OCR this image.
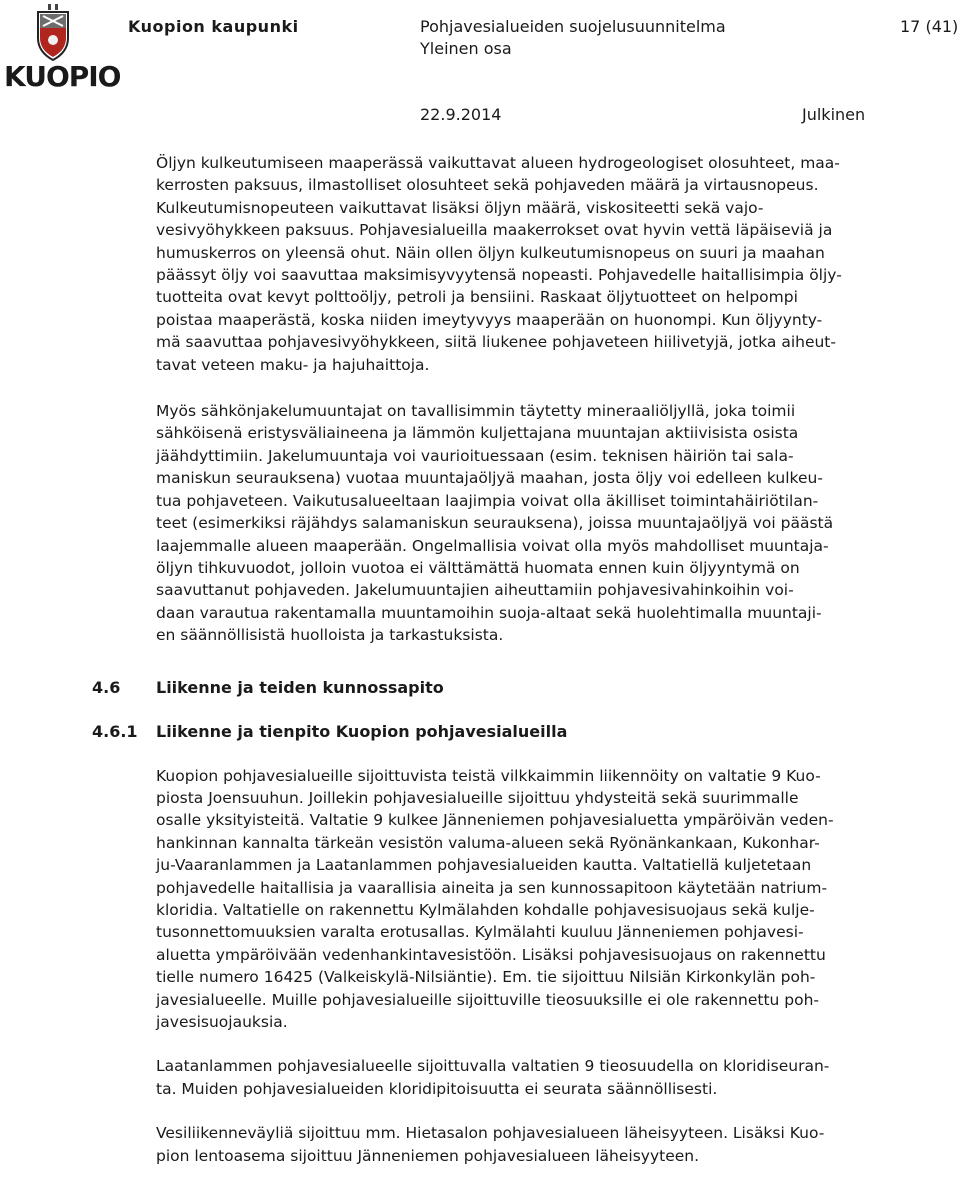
KUOPIO
Kuopion kaupunki	Pohjavesialueiden suojelusuunnitelma
Yleinen osa
17 (41)
22.9.2014	Julkinen

Öljyn kulkeutumiseen maaperässä vaikuttavat alueen hydrogeologiset olosuhteet, maa-
kerrosten paksuus, ilmastolliset olosuhteet sekä pohjaveden määrä ja virtausnopeus.
Kulkeutumisnopeuteen vaikuttavat lisäksi öljyn määrä, viskositeetti sekä vajo-
vesivyöhykkeen paksuus. Pohjavesialueilla maakerrokset ovat hyvin vettä läpäiseviä ja
humuskerros on yleensä ohut. Näin ollen öljyn kulkeutumisnopeus on suuri ja maahan
päässyt öljy voi saavuttaa maksimisyvyytensä nopeasti. Pohjavedelle haitallisimpia öljy-
tuotteita ovat kevyt polttoöljy, petroli ja bensiini. Raskaat öljytuotteet on helpompi
poistaa maaperästä, koska niiden imeytyvyys maaperään on huonompi. Kun öljyynty-
mä saavuttaa pohjavesivyöhykkeen, siitä liukenee pohjaveteen hiilivetyjä, jotka aiheut-
tavat veteen maku- ja hajuhaittoja.

Myös sähkönjakelumuuntajat on tavallisimmin täytetty mineraaliöljyllä, joka toimii
sähköisenä eristysväliaineena ja lämmön kuljettajana muuntajan aktiivisista osista
jäähdyttimiin. Jakelumuuntaja voi vaurioituessaan (esim. teknisen häiriön tai sala-
maniskun seurauksena) vuotaa muuntajaöljyä maahan, josta öljy voi edelleen kulkeu-
tua pohjaveteen. Vaikutusalueeltaan laajimpia voivat olla äkilliset toimintahäiriötilan-
teet (esimerkiksi räjähdys salamaniskun seurauksena), joissa muuntajaöljyä voi päästä
laajemmalle alueen maaperään. Ongelmallisia voivat olla myös mahdolliset muuntaja-
öljyn tihkuvuodot, jolloin vuotoa ei välttämättä huomata ennen kuin öljyyntymä on
saavuttanut pohjaveden. Jakelumuuntajien aiheuttamiin pohjavesivahinkoihin voi-
daan varautua rakentamalla muuntamoihin suoja-altaat sekä huolehtimalla muuntaji-
en säännöllisistä huolloista ja tarkastuksista.

4.6 Liikenne ja teiden kunnossapito
4.6.1 Liikenne ja tienpito Kuopion pohjavesialueilla

Kuopion pohjavesialueille sijoittuvista teistä vilkkaimmin liikennöity on valtatie 9 Kuo-
piosta Joensuuhun. Joillekin pohjavesialueille sijoittuu yhdysteitä sekä suurimmalle
osalle yksityisteitä. Valtatie 9 kulkee Jänneniemen pohjavesialuetta ympäröivän veden-
hankinnan kannalta tärkeän vesistön valuma-alueen sekä Ryönänkankaan, Kukonhar-
ju-Vaaranlammen ja Laatanlammen pohjavesialueiden kautta. Valtatiellä kuljetetaan
pohjavedelle haitallisia ja vaarallisia aineita ja sen kunnossapitoon käytetään natrium-
kloridia. Valtatielle on rakennettu Kylmälahden kohdalle pohjavesisuojaus sekä kulje-
tusonnettomuuksien varalta erotusallas. Kylmälahti kuuluu Jänneniemen pohjavesi-
aluetta ympäröivään vedenhankintavesistöön. Lisäksi pohjavesisuojaus on rakennettu
tielle numero 16425 (Valkeiskylä-Nilsiäntie). Em. tie sijoittuu Nilsiän Kirkonkylän poh-
javesialueelle. Muille pohjavesialueille sijoittuville tieosuuksille ei ole rakennettu poh-
javesisuojauksia.

Laatanlammen pohjavesialueelle sijoittuvalla valtatien 9 tieosuudella on kloridiseuran-
ta. Muiden pohjavesialueiden kloridipitoisuutta ei seurata säännöllisesti.

Vesiliikenneväyliä sijoittuu mm. Hietasalon pohjavesialueen läheisyyteen. Lisäksi Kuo-
pion lentoasema sijoittuu Jänneniemen pohjavesialueen läheisyyteen.
